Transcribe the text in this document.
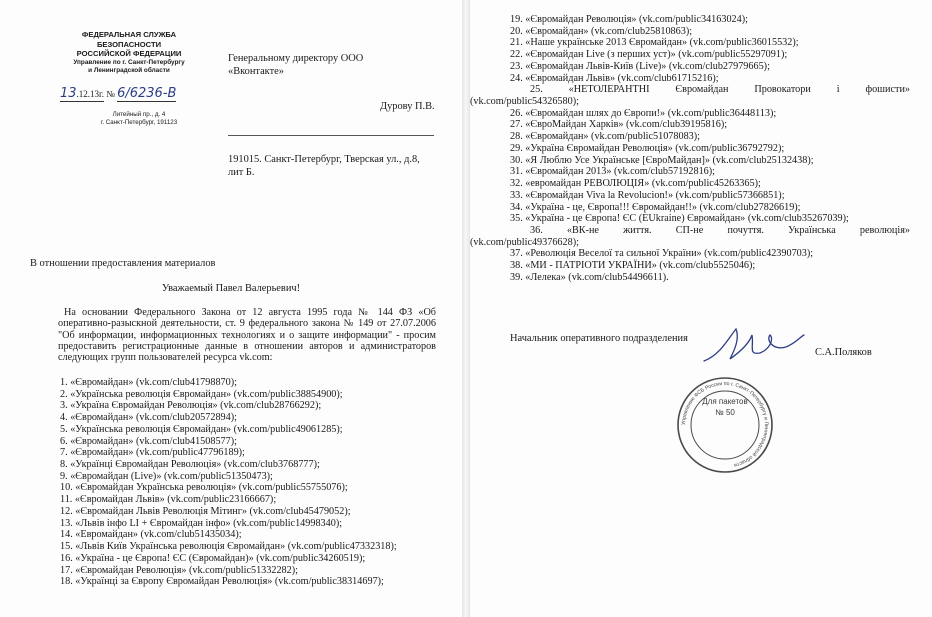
ФЕДЕРАЛЬНАЯ СЛУЖБА
БЕЗОПАСНОСТИ
РОССИЙСКОЙ ФЕДЕРАЦИИ
Управление по г. Санкт-Петербургу
и Ленинградской области
13.12.13г. № 6/6236-В
Литейный пр., д. 4
г. Санкт-Петербург, 191123
Генеральному директору ООО
«Вконтакте»
Дурову П.В.
191015. Санкт-Петербург, Тверская ул., д.8, лит Б.
В отношении предоставления материалов
Уважаемый Павел Валерьевич!
На основании Федерального Закона от 12 августа 1995 года № 144 ФЗ «Об оперативно-разыскной деятельности, ст. 9 федерального закона № 149 от 27.07.2006 "Об информации, информационных технологиях и о защите информации" - просим предоставить регистрационные данные в отношении авторов и администраторов следующих групп пользователей ресурса vk.com:
1. «Євромайдан» (vk.com/club41798870);
2. «Українська революція Євромайдан» (vk.com/public38854900);
3. «Україна Євромайдан Революція» (vk.com/club28766292);
4. «Євромайдан» (vk.com/club20572894);
5. «Українська революція Євромайдан» (vk.com/public49061285);
6. «Євромайдан» (vk.com/club41508577);
7. «Євромайдан» (vk.com/public47796189);
8. «Українці Євромайдан Революція» (vk.com/club3768777);
9. «Євромайдан (Live)» (vk.com/public51350473);
10. «Євромайдан Українська революція» (vk.com/public55755076);
11. «Євромайдан Львів» (vk.com/public23166667);
12. «Євромайдан Львів Революція Мітинг» (vk.com/club45479052);
13. «Львів інфо LI + Євромайдан інфо» (vk.com/public14998340);
14. «Евромайдан» (vk.com/club51435034);
15. «Львів Київ Українська революція Євромайдан» (vk.com/public47332318);
16. «Україна - це Європа! ЄС (Євромайдан)» (vk.com/public34260519);
17. «Євромайдан Революція» (vk.com/public51332282);
18. «Українці за Європу Євромайдан Революція» (vk.com/public38314697);
19. «Євромайдан Революція» (vk.com/public34163024);
20. «Євромайдан» (vk.com/club25810863);
21. «Наше українське 2013 Євромайдан» (vk.com/public36015532);
22. «Євромайдан Live (з перших уст)» (vk.com/public55297091);
23. «Євромайдан Львів-Київ (Live)» (vk.com/club27979665);
24. «Євромайдан Львів» (vk.com/club61715216);
25. «НЕТОЛЕРАНТНІ Євромайдан Провокатори і фошисти»
(vk.com/public54326580);
26. «Євромайдан шлях до Європи!» (vk.com/public36448113);
27. «ЄвроМайдан Харків» (vk.com/club39195816);
28. «Євромайдан» (vk.com/public51078083);
29. «Україна Євромайдан Революція» (vk.com/public36792792);
30. «Я Люблю Усе Українське [ЄвроМайдан]» (vk.com/club25132438);
31. «Євромайдан 2013» (vk.com/club57192816);
32. «евромайдан РЕВОЛЮЦІЯ» (vk.com/public45263365);
33. «Євромайдан Viva la Revolucion!» (vk.com/public57366851);
34. «Україна - це, Європа!!! Євромайдан!!» (vk.com/club27826619);
35. «Україна - це Європа! ЄС (EUkraine) Євромайдан» (vk.com/club35267039);
36. «ВК-не життя. СП-не почуття. Українська революція»
(vk.com/public49376628);
37. «Революція Веселої та сильної України» (vk.com/public42390703);
38. «МИ - ПАТРІОТИ УКРАЇНИ» (vk.com/club5525046);
39. «Лелека» (vk.com/club54496611).
Начальник оперативного подразделения
С.А.Поляков
Управление ФСБ России по г. Санкт-Петербургу и Ленинградской области
Для пакетов № 50
